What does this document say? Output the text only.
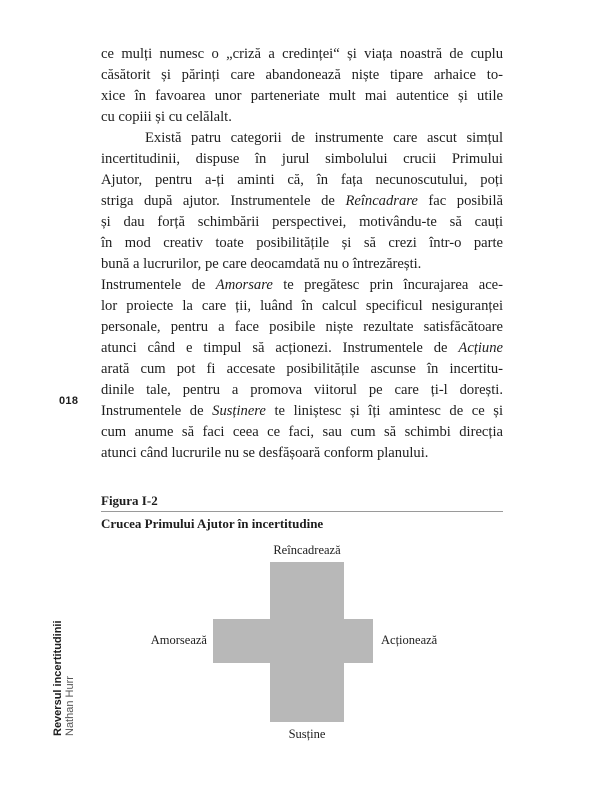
ce mulți numesc o „criză a credinței“ și viața noastră de cuplu
căsătorit și părinți care abandonează niște tipare arhaice to-
xice în favoarea unor parteneriate mult mai autentice și utile
cu copiii și cu celălalt.
Există patru categorii de instrumente care ascut simțul
incertitudinii, dispuse în jurul simbolului crucii Primului
Ajutor, pentru a-ți aminti că, în fața necunoscutului, poți
striga după ajutor. Instrumentele de Reîncadrare fac posibilă
și dau forță schimbării perspectivei, motivându-te să cauți
în mod creativ toate posibilitățile și să crezi într-o parte
bună a lucrurilor, pe care deocamdată nu o întrezărești.
Instrumentele de Amorsare te pregătesc prin încurajarea ace-
lor proiecte la care ții, luând în calcul specificul nesiguranței
personale, pentru a face posibile niște rezultate satisfăcătoare
atunci când e timpul să acționezi. Instrumentele de Acțiune
arată cum pot fi accesate posibilitățile ascunse în incertitu-
dinile tale, pentru a promova viitorul pe care ți-l dorești.
Instrumentele de Susținere te liniștesc și îți amintesc de ce și
cum anume să faci ceea ce faci, sau cum să schimbi direcția
atunci când lucrurile nu se desfășoară conform planului.
018
Figura I-2
Crucea Primului Ajutor în incertitudine
Reîncadrează
Amorsează	Acționează
Susține
Reversul incertitudinii Nathan Hurr
